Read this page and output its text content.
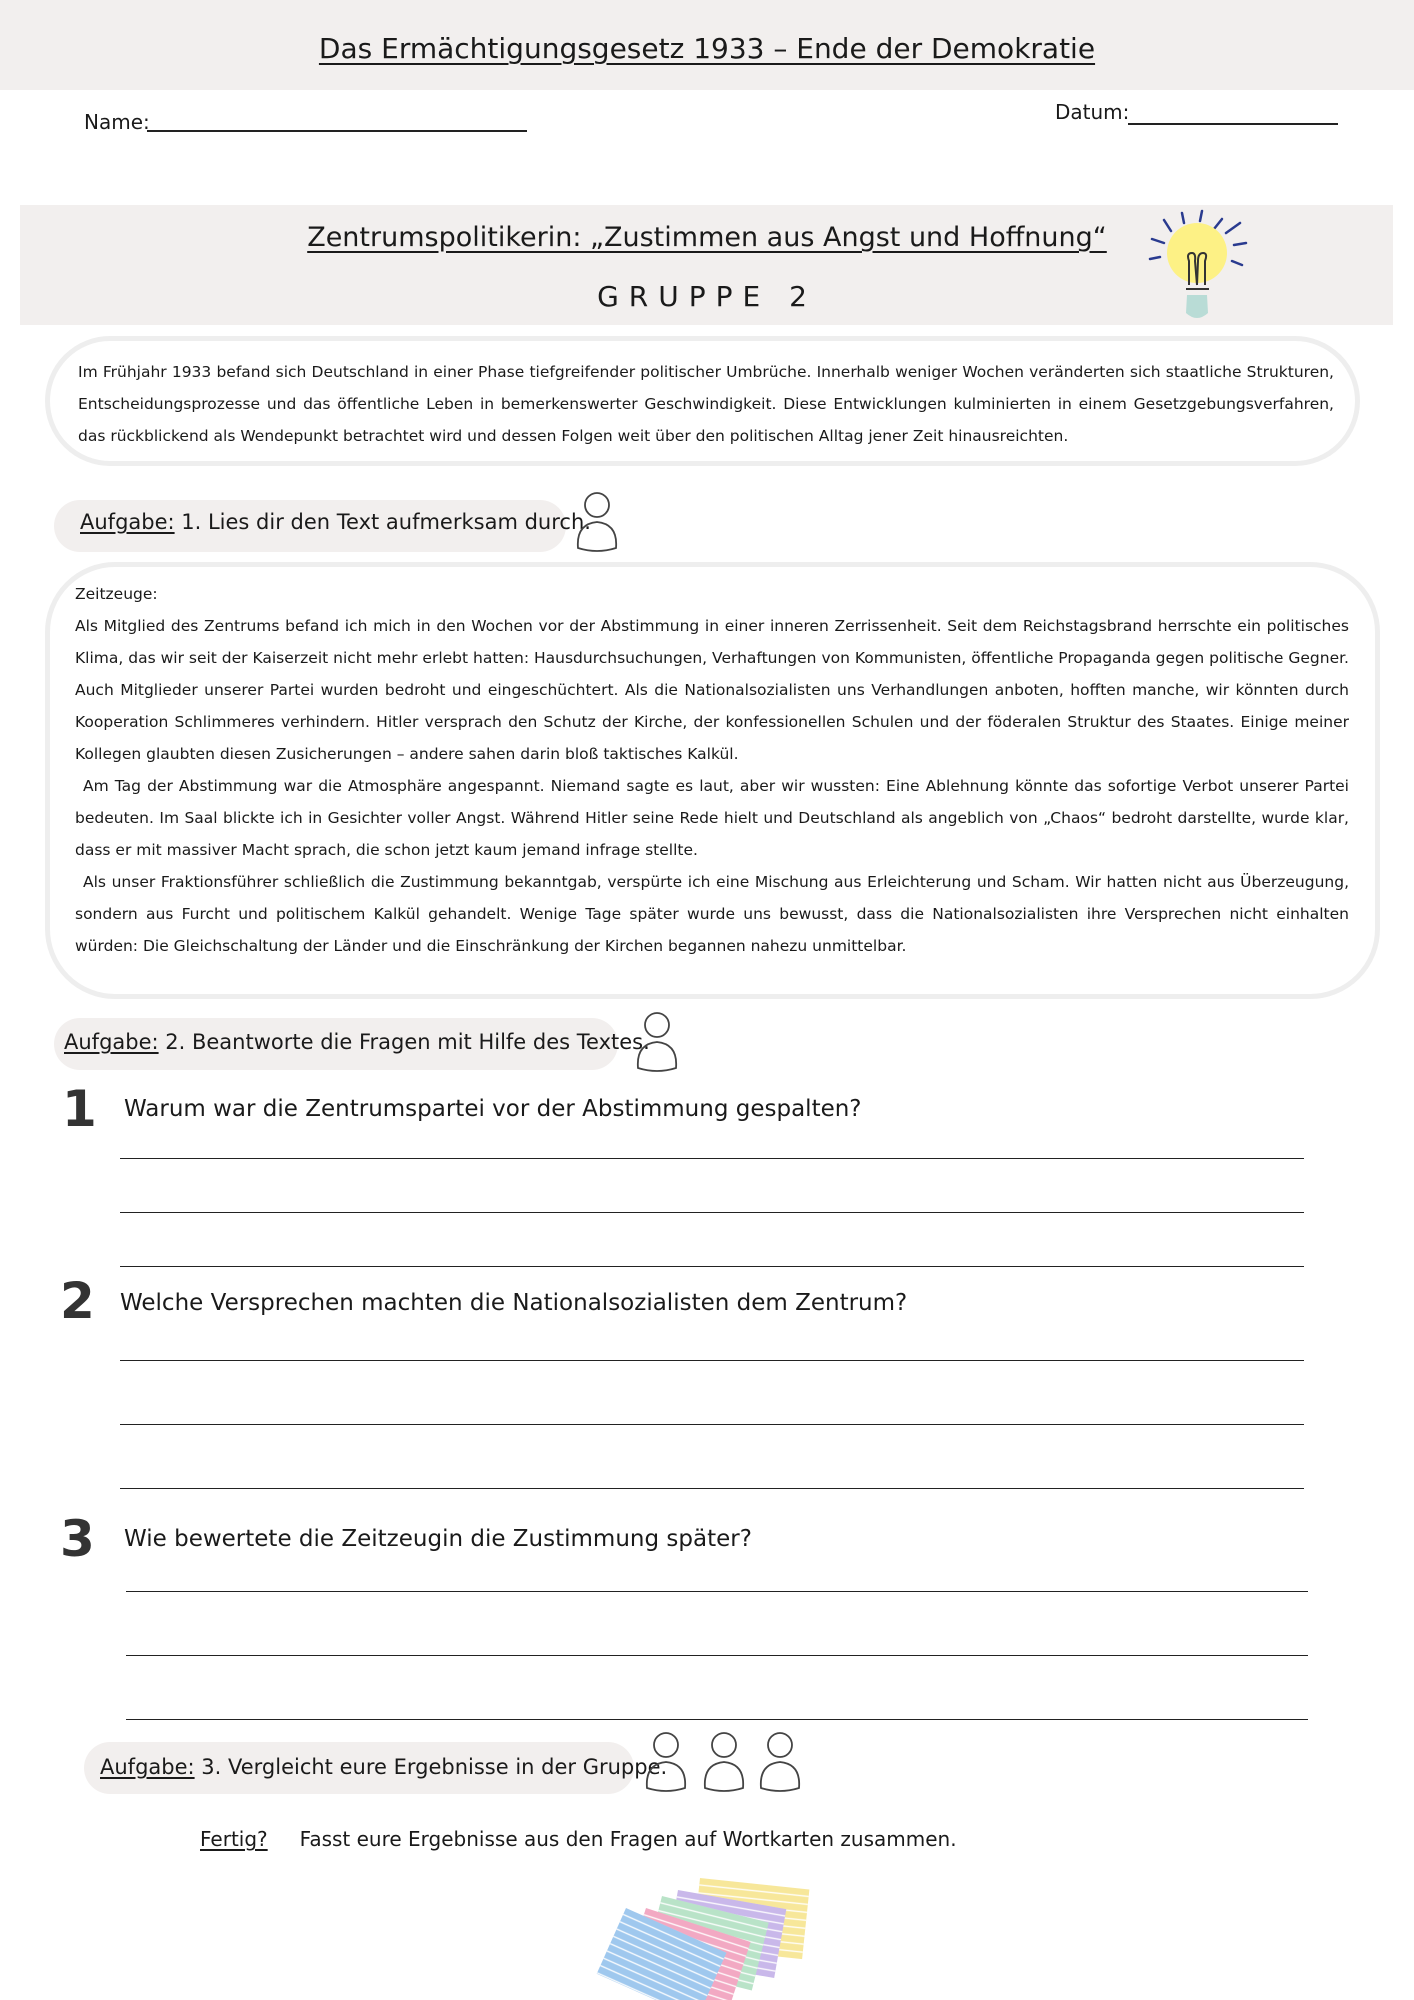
Das Ermächtigungsgesetz 1933 – Ende der Demokratie
Name:	Datum:
Zentrumspolitikerin: „Zustimmen aus Angst und Hoffnung“
GRUPPE 2
Im Frühjahr 1933 befand sich Deutschland in einer Phase tiefgreifender politischer Umbrüche. Innerhalb weniger Wochen veränderten sich staatliche Strukturen, Entscheidungsprozesse und das öffentliche Leben in bemerkenswerter Geschwindigkeit. Diese Entwicklungen kulminierten in einem Gesetzgebungsverfahren, das rückblickend als Wendepunkt betrachtet wird und dessen Folgen weit über den politischen Alltag jener Zeit hinausreichten.
Aufgabe: 1. Lies dir den Text aufmerksam durch.

Zeitzeuge:

Als Mitglied des Zentrums befand ich mich in den Wochen vor der Abstimmung in einer inneren Zerrissenheit. Seit dem Reichstagsbrand herrschte ein politisches Klima, das wir seit der Kaiserzeit nicht mehr erlebt hatten: Hausdurchsuchungen, Verhaftungen von Kommunisten, öffentliche Propaganda gegen politische Gegner. Auch Mitglieder unserer Partei wurden bedroht und eingeschüchtert. Als die Nationalsozialisten uns Verhandlungen anboten, hofften manche, wir könnten durch Kooperation Schlimmeres verhindern. Hitler versprach den Schutz der Kirche, der konfessionellen Schulen und der föderalen Struktur des Staates. Einige meiner Kollegen glaubten diesen Zusicherungen – andere sahen darin bloß taktisches Kalkül.

Am Tag der Abstimmung war die Atmosphäre angespannt. Niemand sagte es laut, aber wir wussten: Eine Ablehnung könnte das sofortige Verbot unserer Partei bedeuten. Im Saal blickte ich in Gesichter voller Angst. Während Hitler seine Rede hielt und Deutschland als angeblich von „Chaos“ bedroht darstellte, wurde klar, dass er mit massiver Macht sprach, die schon jetzt kaum jemand infrage stellte.

Als unser Fraktionsführer schließlich die Zustimmung bekanntgab, verspürte ich eine Mischung aus Erleichterung und Scham. Wir hatten nicht aus Überzeugung, sondern aus Furcht und politischem Kalkül gehandelt. Wenige Tage später wurde uns bewusst, dass die Nationalsozialisten ihre Versprechen nicht einhalten würden: Die Gleichschaltung der Länder und die Einschränkung der Kirchen begannen nahezu unmittelbar.

Aufgabe: 2. Beantworte die Fragen mit Hilfe des Textes.
1 Warum war die Zentrumspartei vor der Abstimmung gespalten?
2 Welche Versprechen machten die Nationalsozialisten dem Zentrum?
3 Wie bewertete die Zeitzeugin die Zustimmung später?
Aufgabe: 3. Vergleicht eure Ergebnisse in der Gruppe.
Fertig? Fasst eure Ergebnisse aus den Fragen auf Wortkarten zusammen.
